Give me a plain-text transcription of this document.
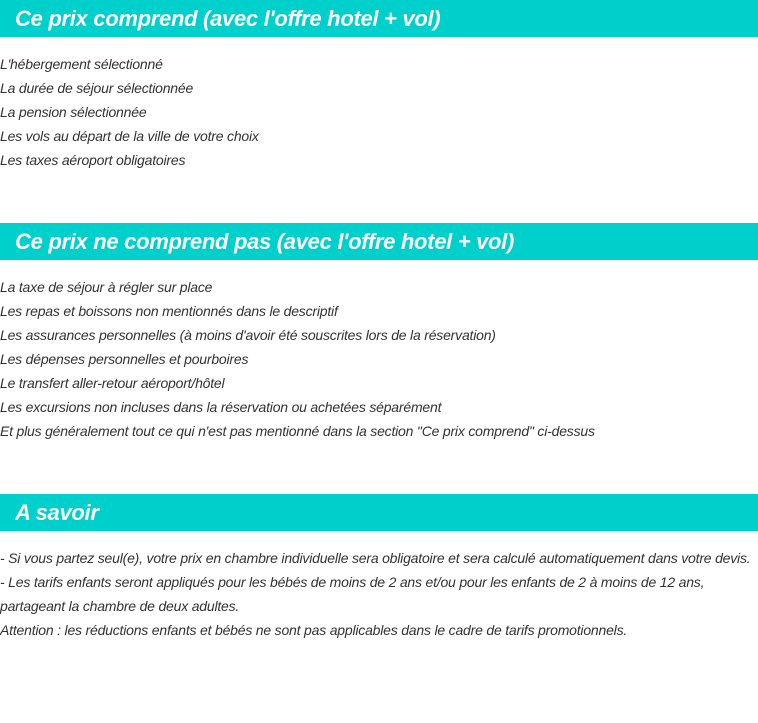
Ce prix comprend (avec l'offre hotel + vol)
L'hébergement sélectionné
La durée de séjour sélectionnée
La pension sélectionnée
Les vols au départ de la ville de votre choix
Les taxes aéroport obligatoires
Ce prix ne comprend pas (avec l'offre hotel + vol)
La taxe de séjour à régler sur place
Les repas et boissons non mentionnés dans le descriptif
Les assurances personnelles (à moins d'avoir été souscrites lors de la réservation)
Les dépenses personnelles et pourboires
Le transfert aller-retour aéroport/hôtel
Les excursions non incluses dans la réservation ou achetées séparément
Et plus généralement tout ce qui n'est pas mentionné dans la section "Ce prix comprend" ci-dessus
A savoir

- Si vous partez seul(e), votre prix en chambre individuelle sera obligatoire et sera calculé automatiquement dans votre devis.

- Les tarifs enfants seront appliqués pour les bébés de moins de 2 ans et/ou pour les enfants de 2 à moins de 12 ans, partageant la chambre de deux adultes.

Attention : les réductions enfants et bébés ne sont pas applicables dans le cadre de tarifs promotionnels.
